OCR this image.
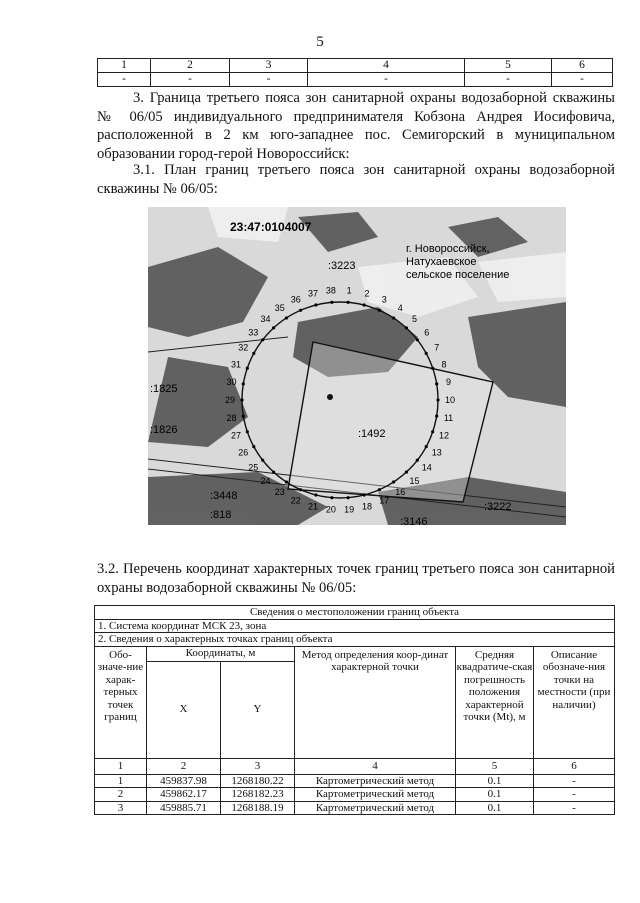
5
1	2	3	4	5	6
-	-	-	-	-	-
3. Граница третьего пояса зон санитарной охраны водозаборной скважины № 06/05 индивидуального предпринимателя Кобзона Андрея Иосифовича, расположенной в 2 км юго-западнее пос. Семигорский в муниципальном образовании город-герой Новороссийск:
3.1. План границ третьего пояса зон санитарной охраны водозаборной скважины № 06/05:
1 2
3
4
5
6
7
8
9
10
11
12
13
14
15
16
17
18
19
20
21
22
23
24
25
26
27
28
29
30
31
32
33
34
35
36
37 38
23:47:0104007
г. Новороссийск,
Натухаевское
сельское поселение
:3223
:1825
:1826	:1492
:3448
:818
:3146
:3222
3.2. Перечень координат характерных точек границ третьего пояса зон санитарной охраны водозаборной скважины № 06/05:
Сведения о местоположении границ объекта					
1. Система координат МСК 23, зона					
2. Сведения о характерных точках границ объекта					
Обо-значе-ние харак-терных точек границ	Координаты, м		Метод определения коор-динат характерной точки	Средняя квадратиче-ская погрешность положения характерной точки (Mt), м	Описание обозначе-ния точки на местности (при наличии)
	X	Y			
1	2	3	4	5	6
1	459837.98	1268180.22	Картометрический метод	0.1	-
2	459862.17	1268182.23	Картометрический метод	0.1	-
3	459885.71	1268188.19	Картометрический метод	0.1	-
